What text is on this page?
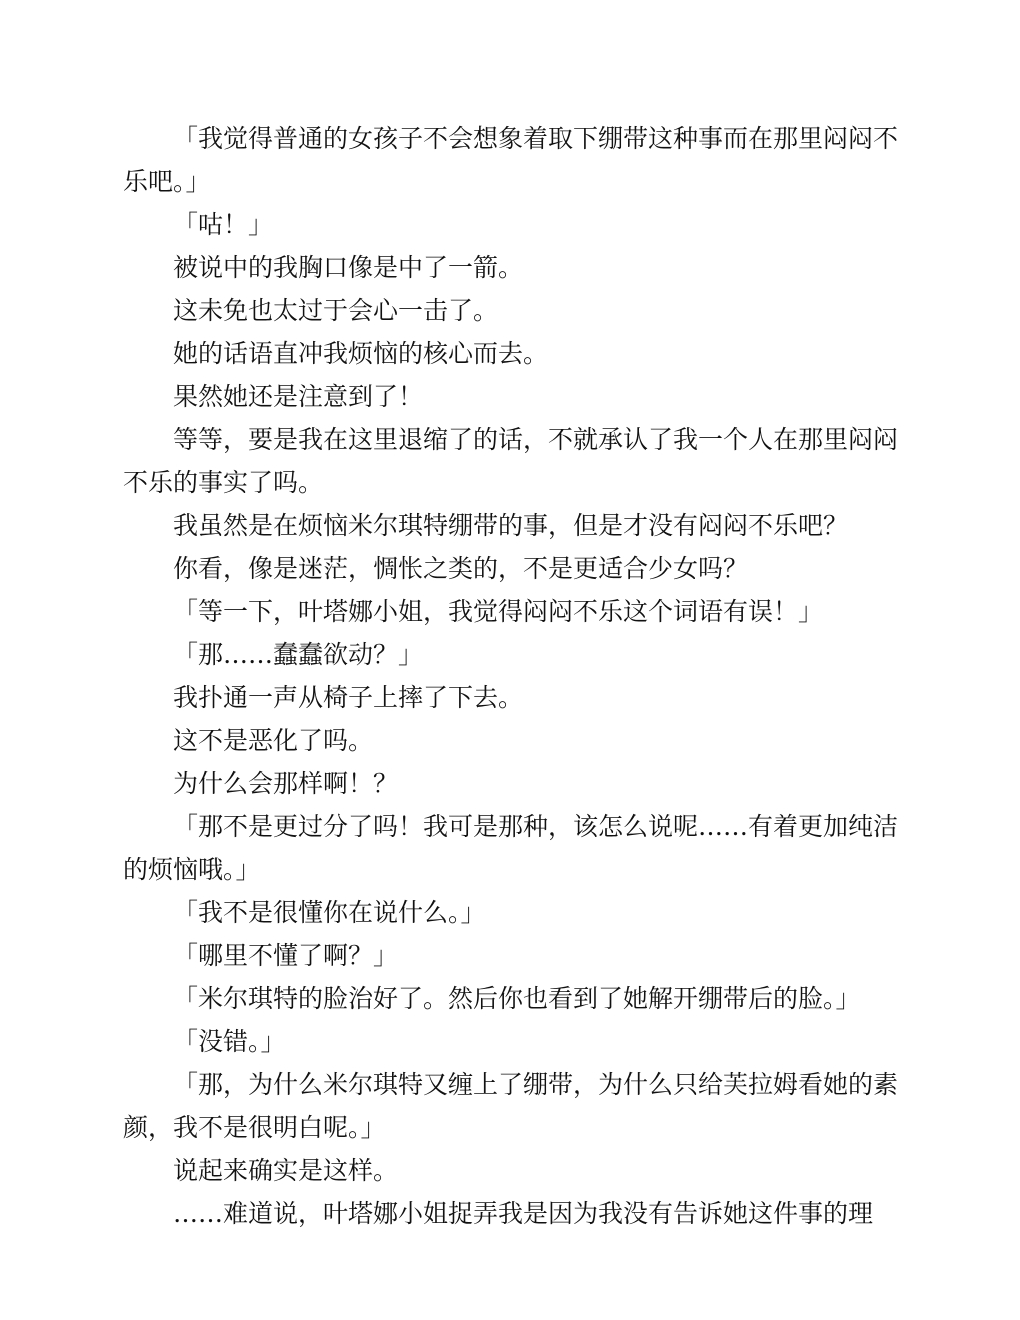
「我觉得普通的女孩子不会想象着取下绷带这种事而在那里闷闷不乐吧。」

「咕！」

被说中的我胸口像是中了一箭。

这未免也太过于会心一击了。

她的话语直冲我烦恼的核心而去。

果然她还是注意到了！

等等，要是我在这里退缩了的话，不就承认了我一个人在那里闷闷不乐的事实了吗。

我虽然是在烦恼米尔琪特绷带的事，但是才没有闷闷不乐吧？

你看，像是迷茫，惆怅之类的，不是更适合少女吗？

「等一下，叶塔娜小姐，我觉得闷闷不乐这个词语有误！」

「那……蠢蠢欲动？」

我扑通一声从椅子上摔了下去。

这不是恶化了吗。

为什么会那样啊！？

「那不是更过分了吗！我可是那种，该怎么说呢……有着更加纯洁的烦恼哦。」

「我不是很懂你在说什么。」

「哪里不懂了啊？」

「米尔琪特的脸治好了。然后你也看到了她解开绷带后的脸。」

「没错。」

「那，为什么米尔琪特又缠上了绷带，为什么只给芙拉姆看她的素颜，我不是很明白呢。」

说起来确实是这样。

……难道说，叶塔娜小姐捉弄我是因为我没有告诉她这件事的理
